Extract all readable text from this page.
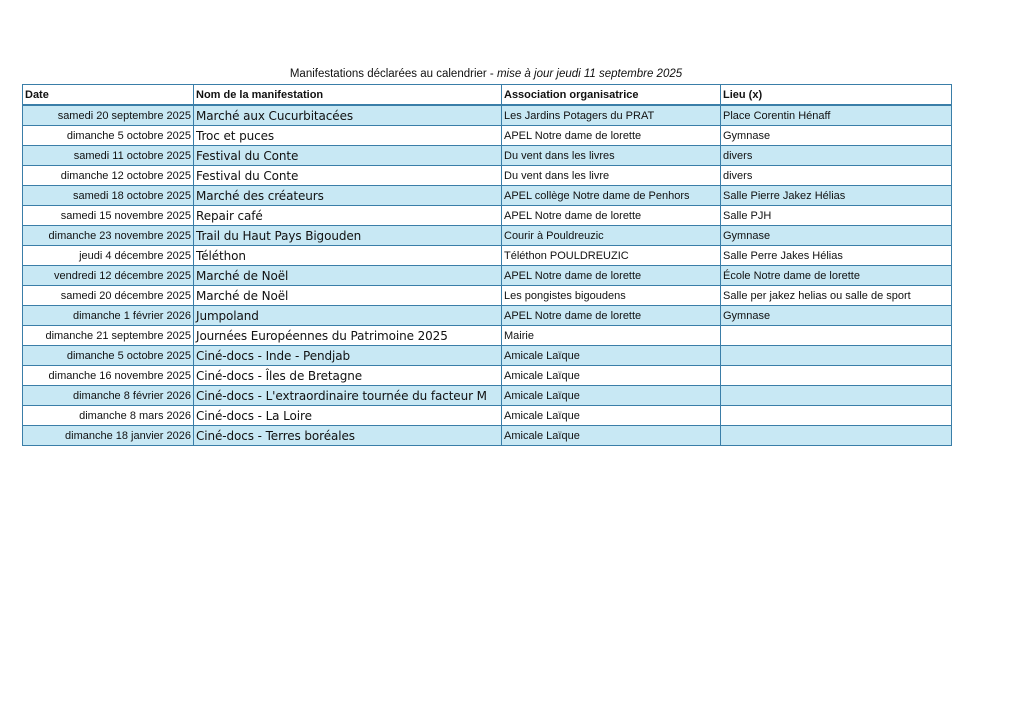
Manifestations déclarées au calendrier - mise à jour jeudi 11 septembre 2025
Date	Nom de la manifestation	Association organisatrice	Lieu (x)
samedi 20 septembre 2025	Marché aux Cucurbitacées	Les Jardins Potagers du PRAT	Place Corentin Hénaff
dimanche 5 octobre 2025	Troc et puces	APEL Notre dame de lorette	Gymnase
samedi 11 octobre 2025	Festival du Conte	Du vent dans les livres	divers
dimanche 12 octobre 2025	Festival du Conte	Du vent dans les livre	divers
samedi 18 octobre 2025	Marché des créateurs	APEL collège Notre dame de Penhors	Salle Pierre Jakez Hélias
samedi 15 novembre 2025	Repair café	APEL Notre dame de lorette	Salle PJH
dimanche 23 novembre 2025	Trail du Haut Pays Bigouden	Courir à Pouldreuzic	Gymnase
jeudi 4 décembre 2025	Téléthon	Téléthon POULDREUZIC	Salle Perre Jakes Hélias
vendredi 12 décembre 2025	Marché de Noël	APEL Notre dame de lorette	École Notre dame de lorette
samedi 20 décembre 2025	Marché de Noël	Les pongistes bigoudens	Salle per jakez helias ou salle de sport
dimanche 1 février 2026	Jumpoland	APEL Notre dame de lorette	Gymnase
dimanche 21 septembre 2025	Journées Européennes du Patrimoine 2025	Mairie	
dimanche 5 octobre 2025	Ciné-docs - Inde - Pendjab	Amicale Laïque	
dimanche 16 novembre 2025	Ciné-docs - Îles de Bretagne	Amicale Laïque	
dimanche 8 février 2026	Ciné-docs - L'extraordinaire tournée du facteur M	Amicale Laïque	
dimanche 8 mars 2026	Ciné-docs - La Loire	Amicale Laïque	
dimanche 18 janvier 2026	Ciné-docs - Terres boréales	Amicale Laïque	
